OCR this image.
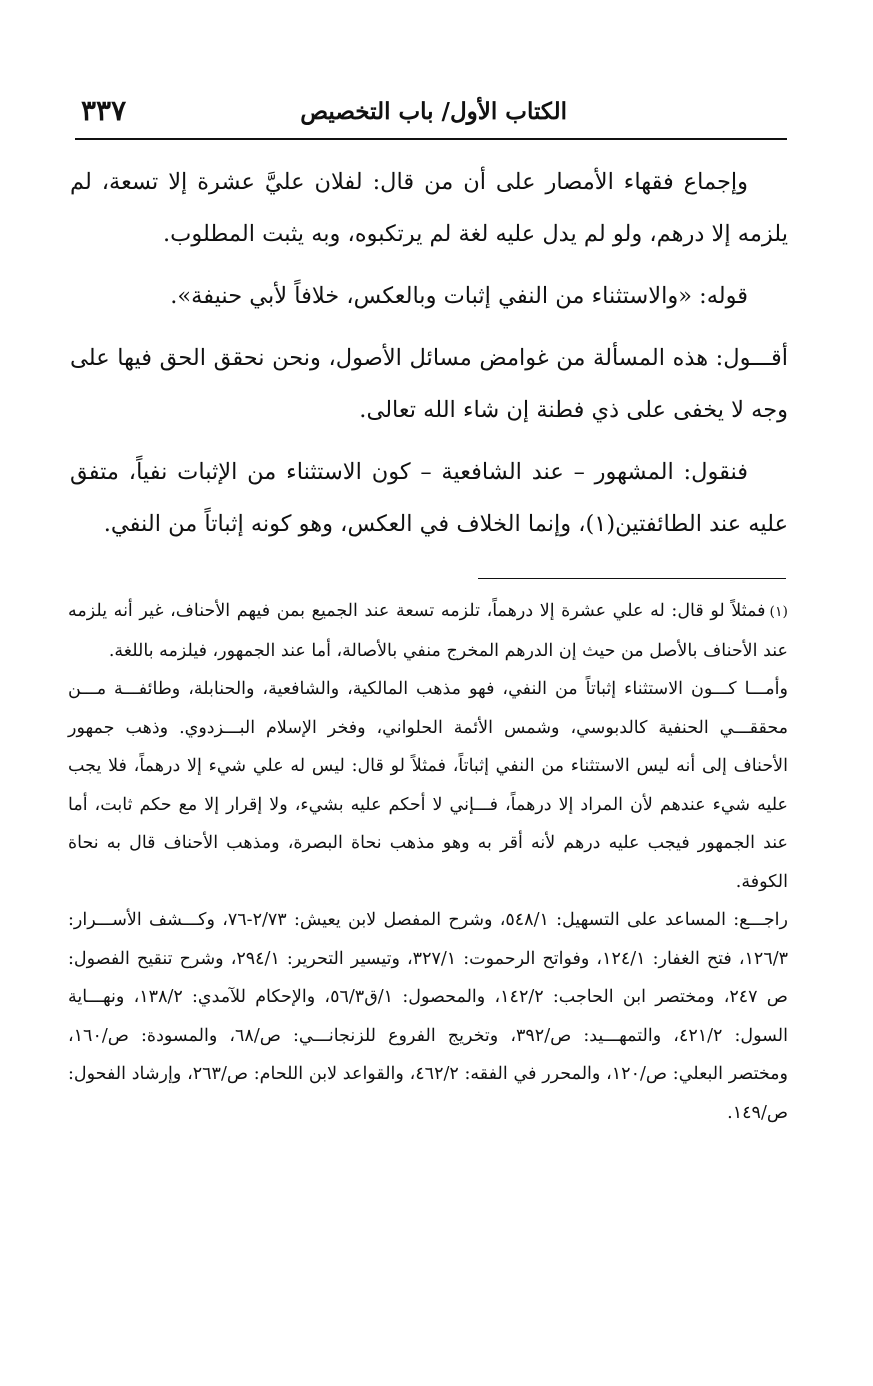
الكتاب الأول/ باب التخصيص
٣٣٧

وإجماع فقهاء الأمصار على أن من قال: لفلان عليَّ عشرة إلا تسعة، لم يلزمه إلا درهم، ولو لم يدل عليه لغة لم يرتكبوه، وبه يثبت المطلوب.

قوله: «والاستثناء من النفي إثبات وبالعكس، خلافاً لأبي حنيفة».

أقـــول: هذه المسألة من غوامض مسائل الأصول، ونحن نحقق الحق فيها على وجه لا يخفى على ذي فطنة إن شاء الله تعالى.

فنقول: المشهور – عند الشافعية – كون الاستثناء من الإثبات نفياً، متفق عليه عند الطائفتين(١)، وإنما الخلاف في العكس، وهو كونه إثباتاً من النفي.

(١)فمثلاً لو قال: له علي عشرة إلا درهماً، تلزمه تسعة عند الجميع بمن فيهم الأحناف، غير أنه يلزمه عند الأحناف بالأصل من حيث إن الدرهم المخرج منفي بالأصالة، أما عند الجمهور، فيلزمه باللغة.

وأمـــا كـــون الاستثناء إثباتاً من النفي، فهو مذهب المالكية، والشافعية، والحنابلة، وطائفـــة مـــن محققـــي الحنفية كالدبوسي، وشمس الأئمة الحلواني، وفخر الإسلام البـــزدوي. وذهب جمهور الأحناف إلى أنه ليس الاستثناء من النفي إثباتاً، فمثلاً لو قال: ليس له علي شيء إلا درهماً، فلا يجب عليه شيء عندهم لأن المراد إلا درهماً، فـــإني لا أحكم عليه بشيء، ولا إقرار إلا مع حكم ثابت، أما عند الجمهور فيجب عليه درهم لأنه أقر به وهو مذهب نحاة البصرة، ومذهب الأحناف قال به نحاة الكوفة.

راجـــع: المساعد على التسهيل: ٥٤٨/١، وشرح المفصل لابن يعيش: ٢/٧٣-٧٦، وكـــشف الأســـرار: ١٢٦/٣، فتح الغفار: ١٢٤/١، وفواتح الرحموت: ٣٢٧/١، وتيسير التحرير: ٢٩٤/١، وشرح تنقيح الفصول: ص ٢٤٧، ومختصر ابن الحاجب: ١٤٢/٢، والمحصول: ١/ق٥٦/٣، والإحكام للآمدي: ١٣٨/٢، ونهـــاية السول: ٤٢١/٢، والتمهـــيد: ص/٣٩٢، وتخريج الفروع للزنجانـــي: ص/٦٨، والمسودة: ص/١٦٠، ومختصر البعلي: ص/١٢٠، والمحرر في الفقه: ٤٦٢/٢، والقواعد لابن اللحام: ص/٢٦٣، وإرشاد الفحول: ص/١٤٩.
